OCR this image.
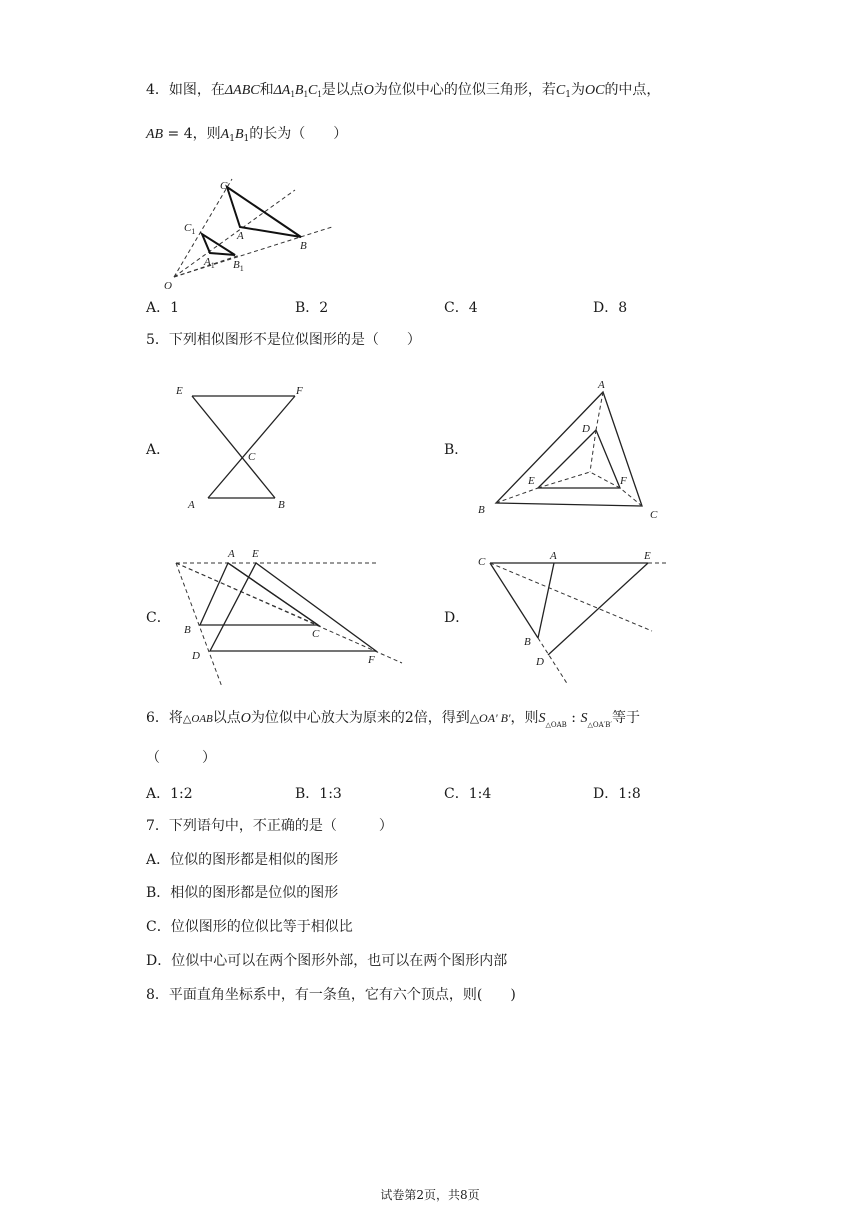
4．如图，在ΔABC和$\Delta A_1B_1C_1$是以点O为位似中心的位似三角形，若$C_1$为OC的中点，
AB = 4，则$A_1B_1$的长为（　　）
C
$C_1$	A
$A_1$
B
$B_1$
O
A．1	B．2	C．4	D．8
5．下列相似图形不是位似图形的是（　　）
A．
E	F
C
A	B
B．
A
D
E	F
B	C
C．
A E
B	C
D	F
D．
C	A	E
B
D
6．将△OAB以点O为位似中心放大为原来的2倍，得到△OA' B'，则$S_{\triangle OAB}$ : $S_{\triangle OA'B'}$等于
（　　　）
A．1:2	B．1:3	C．1:4	D．1:8
7．下列语句中，不正确的是（　　　）
A．位似的图形都是相似的图形
B．相似的图形都是位似的图形
C．位似图形的位似比等于相似比
D．位似中心可以在两个图形外部，也可以在两个图形内部
8．平面直角坐标系中，有一条鱼，它有六个顶点，则(　　)
试卷第2页，共8页
